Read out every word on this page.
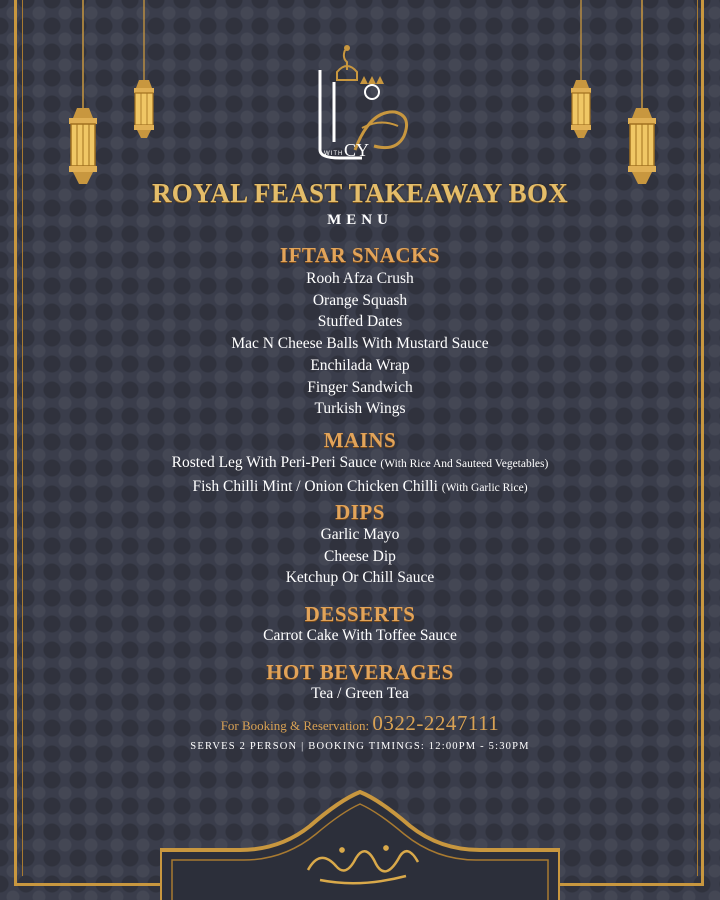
WITH CY
ROYAL FEAST TAKEAWAY BOX
MENU
IFTAR SNACKS
Rooh Afza Crush
Orange Squash
Stuffed Dates
Mac N Cheese Balls With Mustard Sauce
Enchilada Wrap
Finger Sandwich
Turkish Wings
MAINS
Rosted Leg With Peri-Peri Sauce (With Rice And Sauteed Vegetables)
Fish Chilli Mint / Onion Chicken Chilli (With Garlic Rice)
DIPS
Garlic Mayo
Cheese Dip
Ketchup Or Chill Sauce
DESSERTS
Carrot Cake With Toffee Sauce
HOT BEVERAGES
Tea / Green Tea
For Booking & Reservation: 0322-2247111
SERVES 2 PERSON | BOOKING TIMINGS: 12:00PM - 5:30PM
